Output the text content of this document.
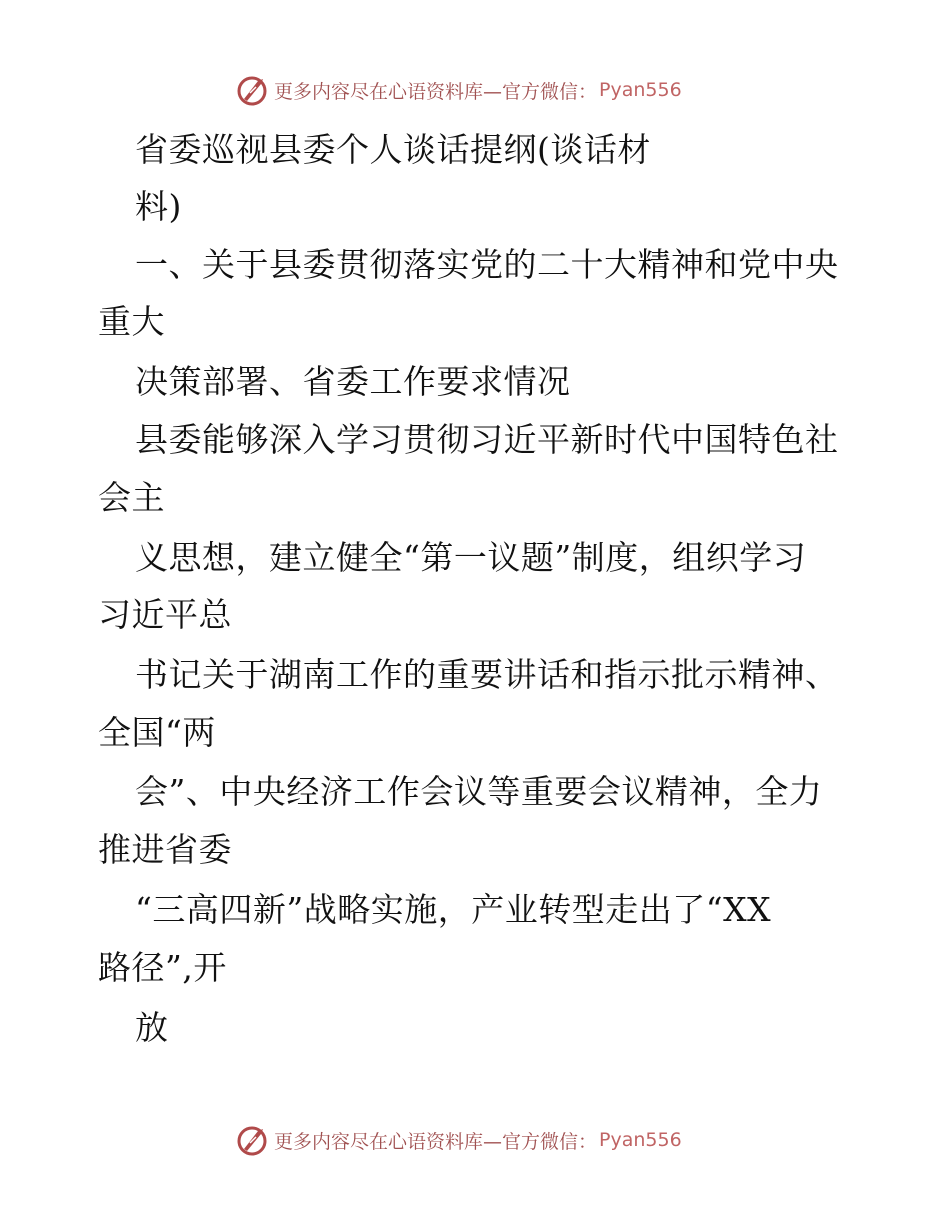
更多内容尽在心语资料库—官方微信： Pyan556

省委巡视县委个人谈话提纲(谈话材

料)

一、关于县委贯彻落实党的二十大精神和党中央

重大

决策部署、省委工作要求情况

县委能够深入学习贯彻习近平新时代中国特色社

会主

义思想，建立健全“第一议题”制度，组织学习

习近平总

书记关于湖南工作的重要讲话和指示批示精神、

全国“两

会”、中央经济工作会议等重要会议精神，全力

推进省委

“三高四新”战略实施，产业转型走出了“XX

路径”,开

放

更多内容尽在心语资料库—官方微信： Pyan556
